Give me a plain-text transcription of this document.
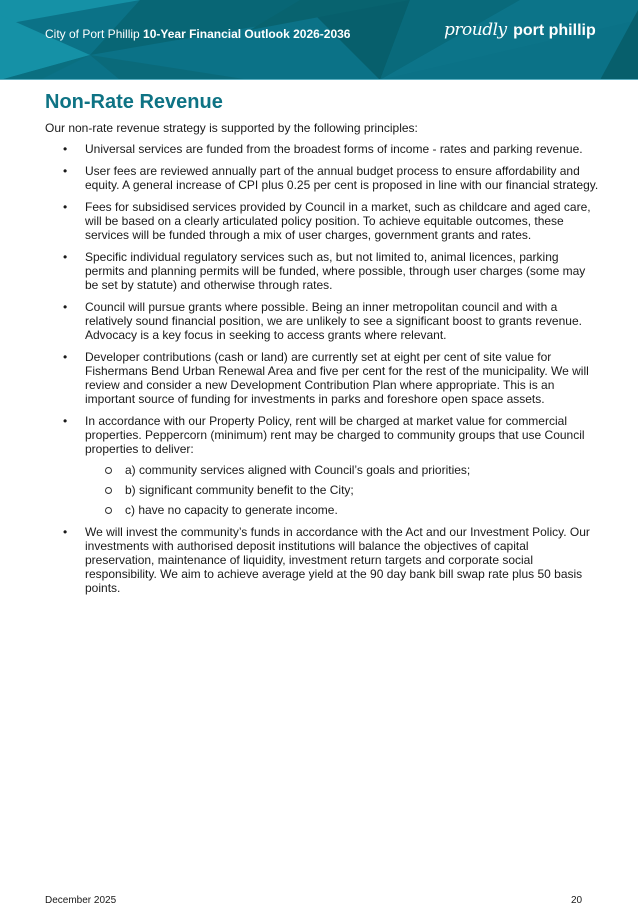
City of Port Phillip 10-Year Financial Outlook 2026-2036	proudly port phillip
Non-Rate Revenue

Our non-rate revenue strategy is supported by the following principles:

• Universal services are funded from the broadest forms of income - rates and parking revenue.
• User fees are reviewed annually part of the annual budget process to ensure affordability and equity. A general increase of CPI plus 0.25 per cent is proposed in line with our financial strategy.
• Fees for subsidised services provided by Council in a market, such as childcare and aged care, will be based on a clearly articulated policy position. To achieve equitable outcomes, these services will be funded through a mix of user charges, government grants and rates.
• Specific individual regulatory services such as, but not limited to, animal licences, parking permits and planning permits will be funded, where possible, through user charges (some may be set by statute) and otherwise through rates.
• Council will pursue grants where possible. Being an inner metropolitan council and with a relatively sound financial position, we are unlikely to see a significant boost to grants revenue. Advocacy is a key focus in seeking to access grants where relevant.
• Developer contributions (cash or land) are currently set at eight per cent of site value for Fishermans Bend Urban Renewal Area and five per cent for the rest of the municipality. We will review and consider a new Development Contribution Plan where appropriate. This is an important source of funding for investments in parks and foreshore open space assets.
• In accordance with our Property Policy, rent will be charged at market value for commercial properties. Peppercorn (minimum) rent may be charged to community groups that use Council properties to deliver:
a) community services aligned with Council’s goals and priorities;
b) significant community benefit to the City;
c) have no capacity to generate income.
• We will invest the community’s funds in accordance with the Act and our Investment Policy. Our investments with authorised deposit institutions will balance the objectives of capital preservation, maintenance of liquidity, investment return targets and corporate social responsibility. We aim to achieve average yield at the 90 day bank bill swap rate plus 50 basis points.
December 2025	20
